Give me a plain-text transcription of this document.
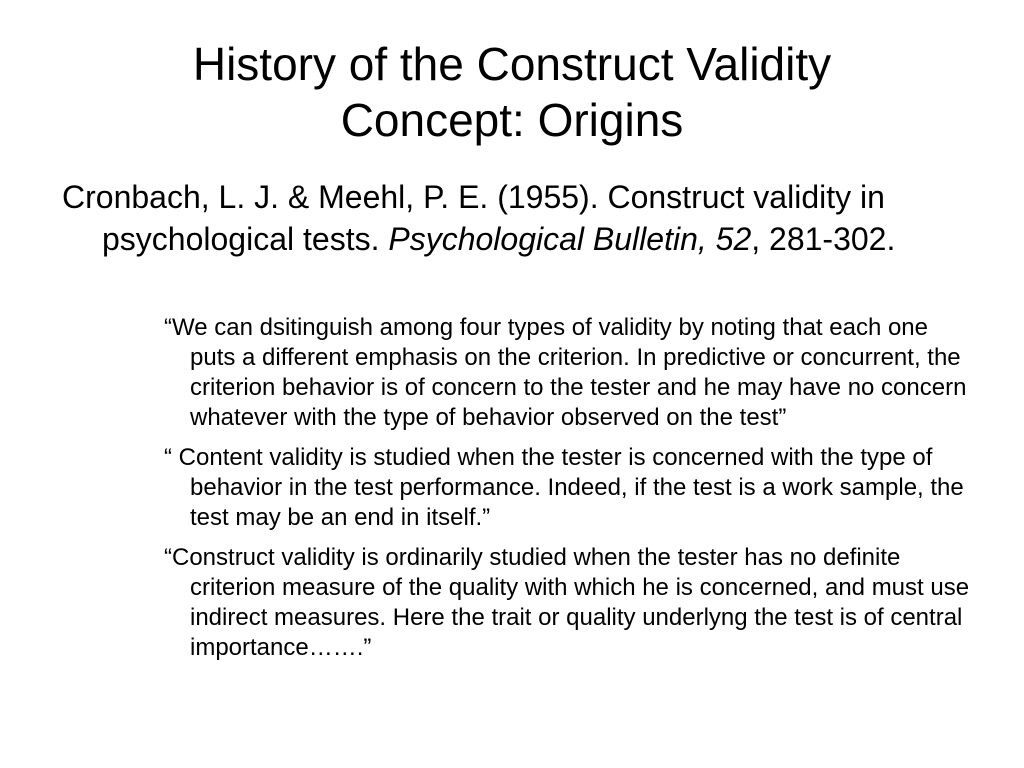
History of the Construct Validity
Concept: Origins

Cronbach, L. J. & Meehl, P. E. (1955). Construct validity in psychological tests. Psychological Bulletin, 52, 281-302.

“We can dsitinguish among four types of validity by noting that each one puts a different emphasis on the criterion. In predictive or concurrent, the criterion behavior is of concern to the tester and he may have no concern whatever with the type of behavior observed on the test”
“ Content validity is studied when the tester is concerned with the type of behavior in the test performance. Indeed, if the test is a work sample, the test may be an end in itself.”
“Construct validity is ordinarily studied when the tester has no definite criterion measure of the quality with which he is concerned, and must use indirect measures. Here the trait or quality underlyng the test is of central importance…….”
